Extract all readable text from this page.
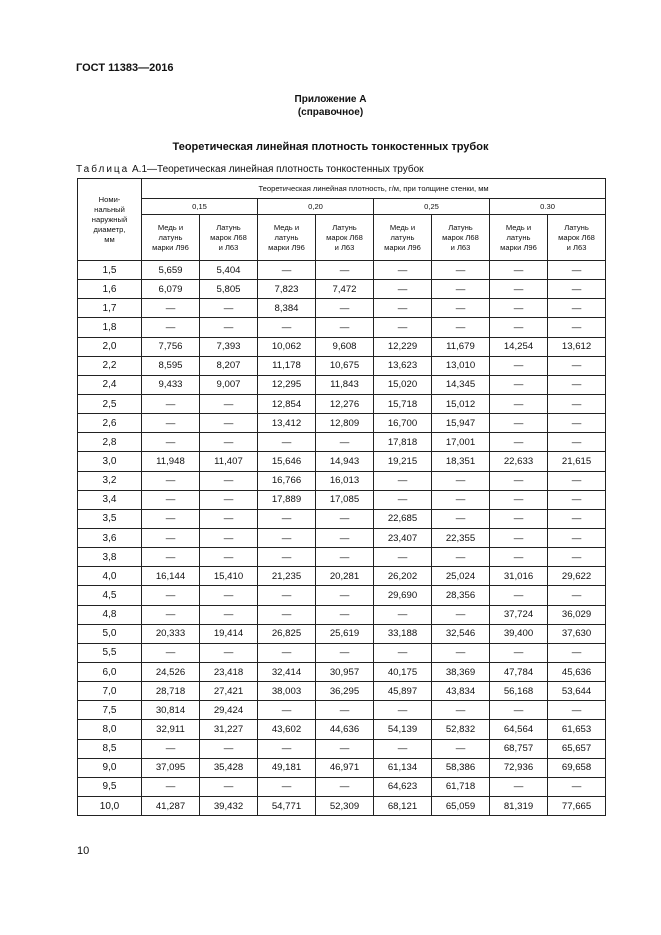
ГОСТ 11383—2016
Приложение А
(справочное)
Теоретическая линейная плотность тонкостенных трубок
Таблица А.1—Теоретическая линейная плотность тонкостенных трубок
Номи-
нальный
наружный
диаметр,
мм	Теоретическая линейная плотность, г/м, при толщине стенки, мм							
	0,15		0,20		0,25		0.30	
	Медь и
латунь
марки Л96	Латунь
марок Л68
и Л63	Медь и
латунь
марки Л96	Латунь
марок Л68
и Л63	Медь и
латунь
марки Л96	Латунь
марок Л68
и Л63	Медь и
латунь
марки Л96	Латунь
марок Л68
и Л63
1,5	5,659	5,404	—	—	—	—	—	—
1,6	6,079	5,805	7,823	7,472	—	—	—	—
1,7	—	—	8,384	—	—	—	—	—
1,8	—	—	—	—	—	—	—	—
2,0	7,756	7,393	10,062	9,608	12,229	11,679	14,254	13,612
2,2	8,595	8,207	11,178	10,675	13,623	13,010	—	—
2,4	9,433	9,007	12,295	11,843	15,020	14,345	—	—
2,5	—	—	12,854	12,276	15,718	15,012	—	—
2,6	—	—	13,412	12,809	16,700	15,947	—	—
2,8	—	—	—	—	17,818	17,001	—	—
3,0	11,948	11,407	15,646	14,943	19,215	18,351	22,633	21,615
3,2	—	—	16,766	16,013	—	—	—	—
3,4	—	—	17,889	17,085	—	—	—	—
3,5	—	—	—	—	22,685	—	—	—
3,6	—	—	—	—	23,407	22,355	—	—
3,8	—	—	—	—	—	—	—	—
4,0	16,144	15,410	21,235	20,281	26,202	25,024	31,016	29,622
4,5	—	—	—	—	29,690	28,356	—	—
4,8	—	—	—	—	—	—	37,724	36,029
5,0	20,333	19,414	26,825	25,619	33,188	32,546	39,400	37,630
5,5	—	—	—	—	—	—	—	—
6,0	24,526	23,418	32,414	30,957	40,175	38,369	47,784	45,636
7,0	28,718	27,421	38,003	36,295	45,897	43,834	56,168	53,644
7,5	30,814	29,424	—	—	—	—	—	—
8,0	32,911	31,227	43,602	44,636	54,139	52,832	64,564	61,653
8,5	—	—	—	—	—	—	68,757	65,657
9,0	37,095	35,428	49,181	46,971	61,134	58,386	72,936	69,658
9,5	—	—	—	—	64,623	61,718	—	—
10,0	41,287	39,432	54,771	52,309	68,121	65,059	81,319	77,665
10
